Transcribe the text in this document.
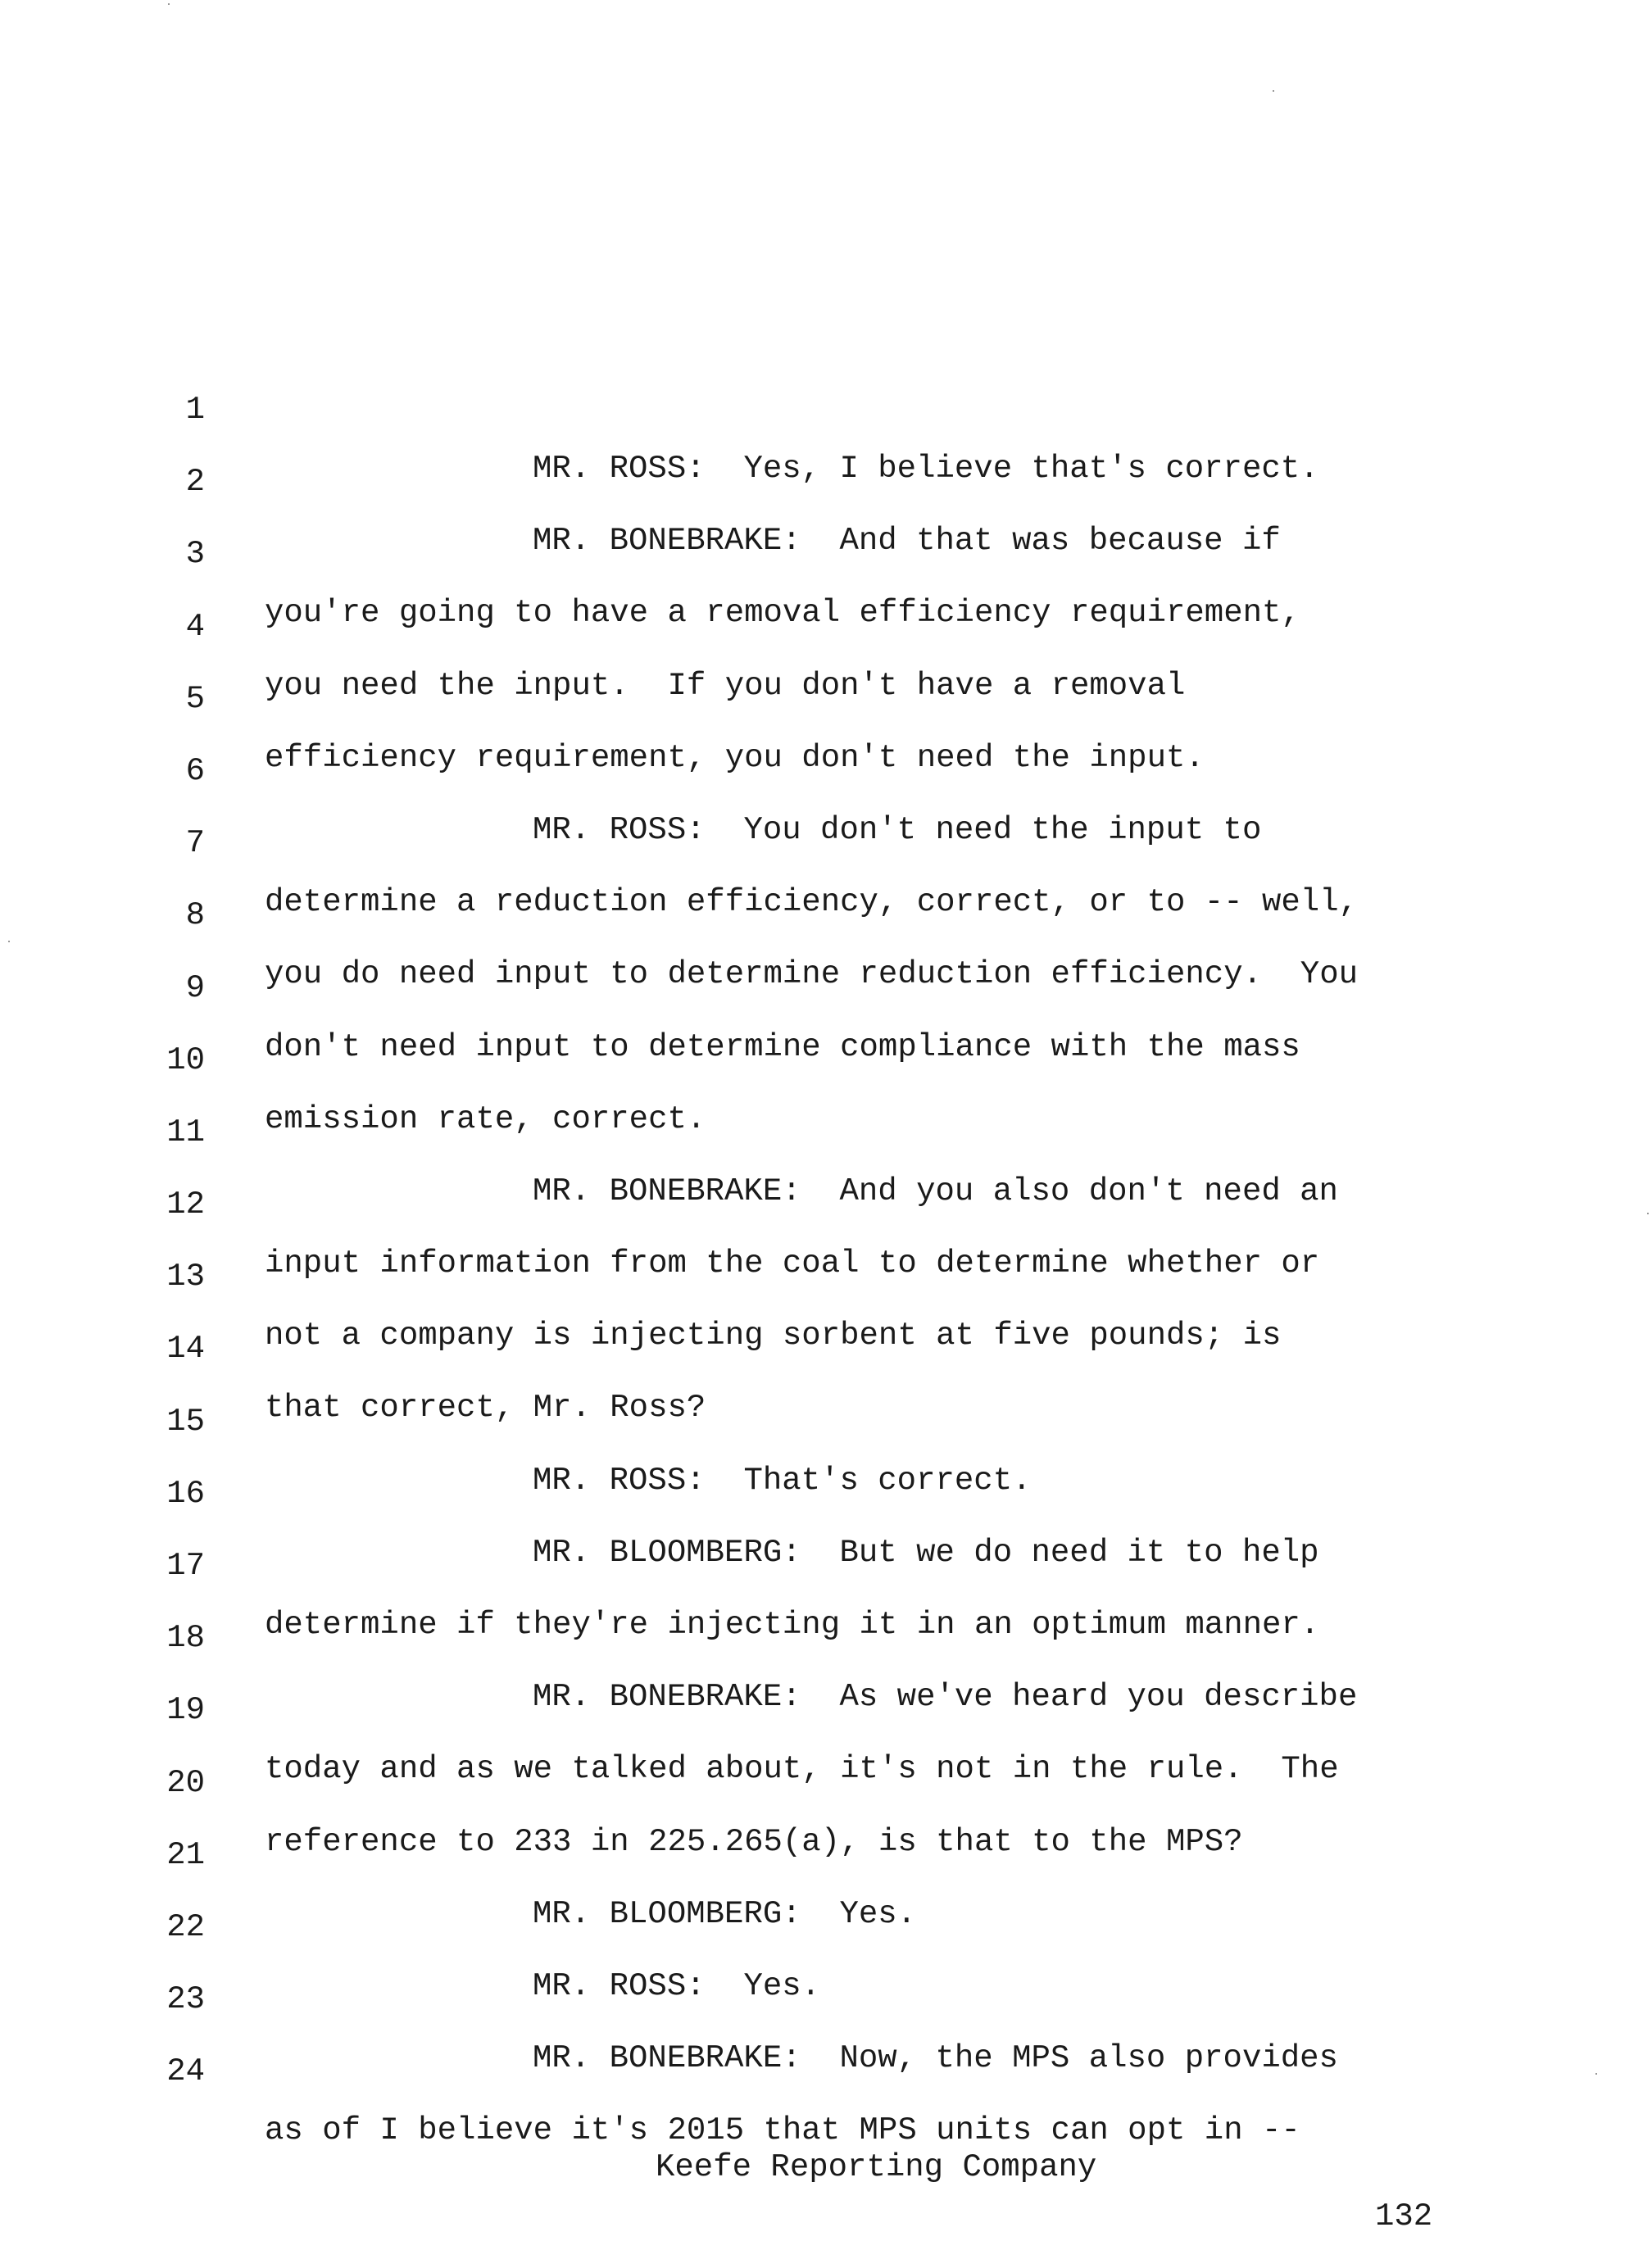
1

MR. ROSS:  Yes, I believe that's correct.

2

MR. BONEBRAKE:  And that was because if

3

you're going to have a removal efficiency requirement,

4

you need the input.  If you don't have a removal

5

efficiency requirement, you don't need the input.

6

MR. ROSS:  You don't need the input to

7

determine a reduction efficiency, correct, or to -- well,

8

you do need input to determine reduction efficiency.  You

9

don't need input to determine compliance with the mass

10

emission rate, correct.

11

MR. BONEBRAKE:  And you also don't need an

12

input information from the coal to determine whether or

13

not a company is injecting sorbent at five pounds; is

14

that correct, Mr. Ross?

15

MR. ROSS:  That's correct.

16

MR. BLOOMBERG:  But we do need it to help

17

determine if they're injecting it in an optimum manner.

18

MR. BONEBRAKE:  As we've heard you describe

19

today and as we talked about, it's not in the rule.  The

20

reference to 233 in 225.265(a), is that to the MPS?

21

MR. BLOOMBERG:  Yes.

22

MR. ROSS:  Yes.

23

MR. BONEBRAKE:  Now, the MPS also provides

24

as of I believe it's 2015 that MPS units can opt in --

Keefe Reporting Company

132
